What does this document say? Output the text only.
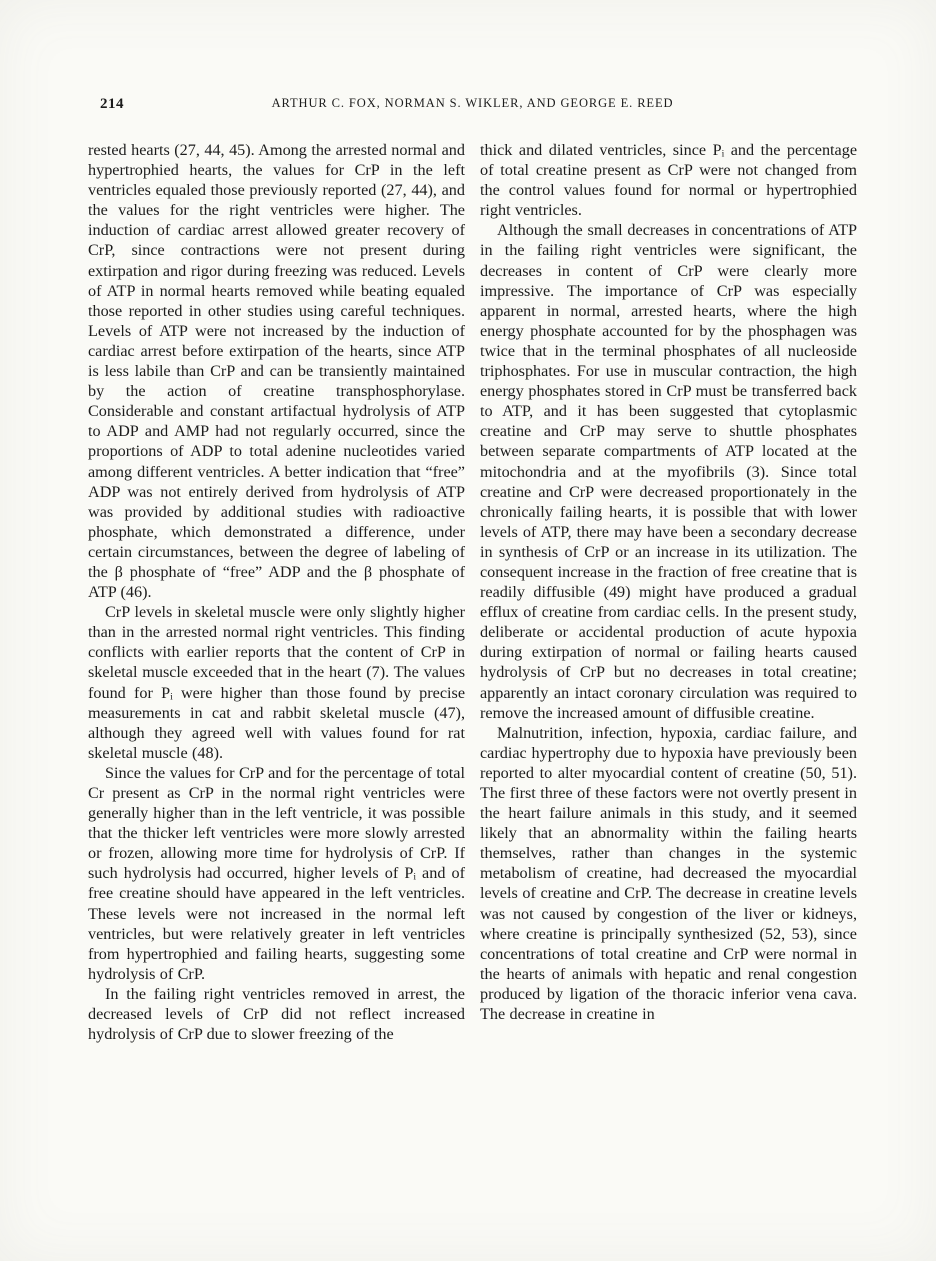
214	ARTHUR C. FOX, NORMAN S. WIKLER, AND GEORGE E. REED

rested hearts (27, 44, 45). Among the arrested normal and hypertrophied hearts, the values for CrP in the left ventricles equaled those previously reported (27, 44), and the values for the right ventricles were higher. The induction of cardiac arrest allowed greater recovery of CrP, since contractions were not present during extirpation and rigor during freezing was reduced. Levels of ATP in normal hearts removed while beating equaled those reported in other studies using careful techniques. Levels of ATP were not increased by the induction of cardiac arrest before extirpation of the hearts, since ATP is less labile than CrP and can be transiently maintained by the action of creatine transphosphorylase. Considerable and constant artifactual hydrolysis of ATP to ADP and AMP had not regularly occurred, since the proportions of ADP to total adenine nucleotides varied among different ventricles. A better indication that “free” ADP was not entirely derived from hydrolysis of ATP was provided by additional studies with radioactive phosphate, which demonstrated a difference, under certain circumstances, between the degree of labeling of the β phosphate of “free” ADP and the β phosphate of ATP (46).

CrP levels in skeletal muscle were only slightly higher than in the arrested normal right ventricles. This finding conflicts with earlier reports that the content of CrP in skeletal muscle exceeded that in the heart (7). The values found for Pᵢ were higher than those found by precise measurements in cat and rabbit skeletal muscle (47), although they agreed well with values found for rat skeletal muscle (48).

Since the values for CrP and for the percentage of total Cr present as CrP in the normal right ventricles were generally higher than in the left ventricle, it was possible that the thicker left ventricles were more slowly arrested or frozen, allowing more time for hydrolysis of CrP. If such hydrolysis had occurred, higher levels of Pᵢ and of free creatine should have appeared in the left ventricles. These levels were not increased in the normal left ventricles, but were relatively greater in left ventricles from hypertrophied and failing hearts, suggesting some hydrolysis of CrP.

In the failing right ventricles removed in arrest, the decreased levels of CrP did not reflect increased hydrolysis of CrP due to slower freezing of the

thick and dilated ventricles, since Pᵢ and the percentage of total creatine present as CrP were not changed from the control values found for normal or hypertrophied right ventricles.

Although the small decreases in concentrations of ATP in the failing right ventricles were significant, the decreases in content of CrP were clearly more impressive. The importance of CrP was especially apparent in normal, arrested hearts, where the high energy phosphate accounted for by the phosphagen was twice that in the terminal phosphates of all nucleoside triphosphates. For use in muscular contraction, the high energy phosphates stored in CrP must be transferred back to ATP, and it has been suggested that cytoplasmic creatine and CrP may serve to shuttle phosphates between separate compartments of ATP located at the mitochondria and at the myofibrils (3). Since total creatine and CrP were decreased proportionately in the chronically failing hearts, it is possible that with lower levels of ATP, there may have been a secondary decrease in synthesis of CrP or an increase in its utilization. The consequent increase in the fraction of free creatine that is readily diffusible (49) might have produced a gradual efflux of creatine from cardiac cells. In the present study, deliberate or accidental production of acute hypoxia during extirpation of normal or failing hearts caused hydrolysis of CrP but no decreases in total creatine; apparently an intact coronary circulation was required to remove the increased amount of diffusible creatine.

Malnutrition, infection, hypoxia, cardiac failure, and cardiac hypertrophy due to hypoxia have previously been reported to alter myocardial content of creatine (50, 51). The first three of these factors were not overtly present in the heart failure animals in this study, and it seemed likely that an abnormality within the failing hearts themselves, rather than changes in the systemic metabolism of creatine, had decreased the myocardial levels of creatine and CrP. The decrease in creatine levels was not caused by congestion of the liver or kidneys, where creatine is principally synthesized (52, 53), since concentrations of total creatine and CrP were normal in the hearts of animals with hepatic and renal congestion produced by ligation of the thoracic inferior vena cava. The decrease in creatine in
